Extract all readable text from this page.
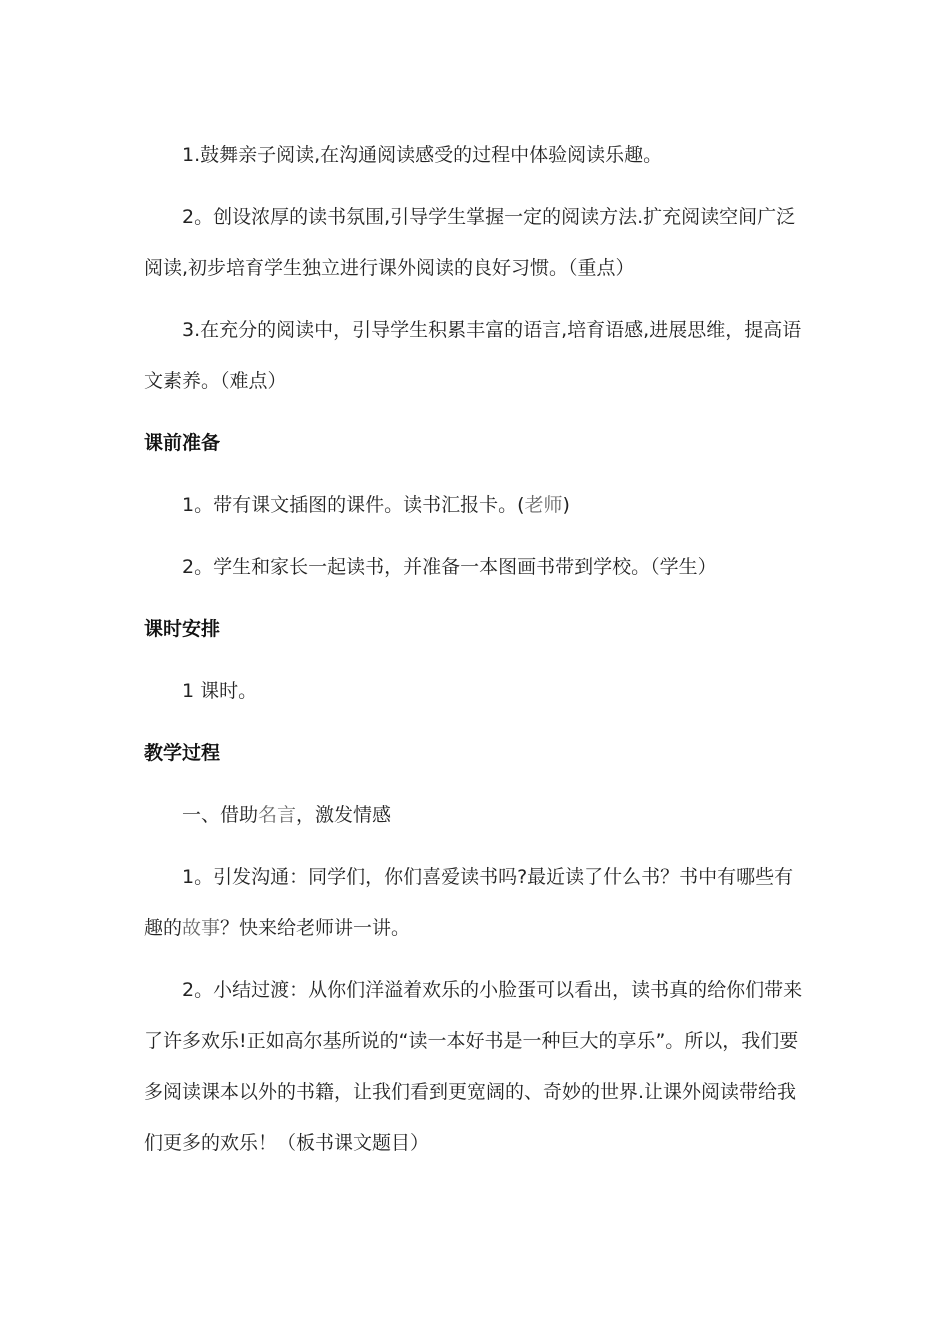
1.鼓舞亲子阅读,在沟通阅读感受的过程中体验阅读乐趣。

2。创设浓厚的读书氛围,引导学生掌握一定的阅读方法.扩充阅读空间广泛阅读,初步培育学生独立进行课外阅读的良好习惯。（重点）

3.在充分的阅读中，引导学生积累丰富的语言,培育语感,进展思维，提高语文素养。（难点）

课前准备

1。带有课文插图的课件。读书汇报卡。(老师)

2。学生和家长一起读书，并准备一本图画书带到学校。（学生）

课时安排

1 课时。

教学过程

一、借助名言，激发情感

1。引发沟通：同学们，你们喜爱读书吗?最近读了什么书？书中有哪些有趣的故事？快来给老师讲一讲。

2。小结过渡：从你们洋溢着欢乐的小脸蛋可以看出，读书真的给你们带来了许多欢乐!正如高尔基所说的“读一本好书是一种巨大的享乐”。所以，我们要多阅读课本以外的书籍，让我们看到更宽阔的、奇妙的世界.让课外阅读带给我们更多的欢乐！（板书课文题目）
